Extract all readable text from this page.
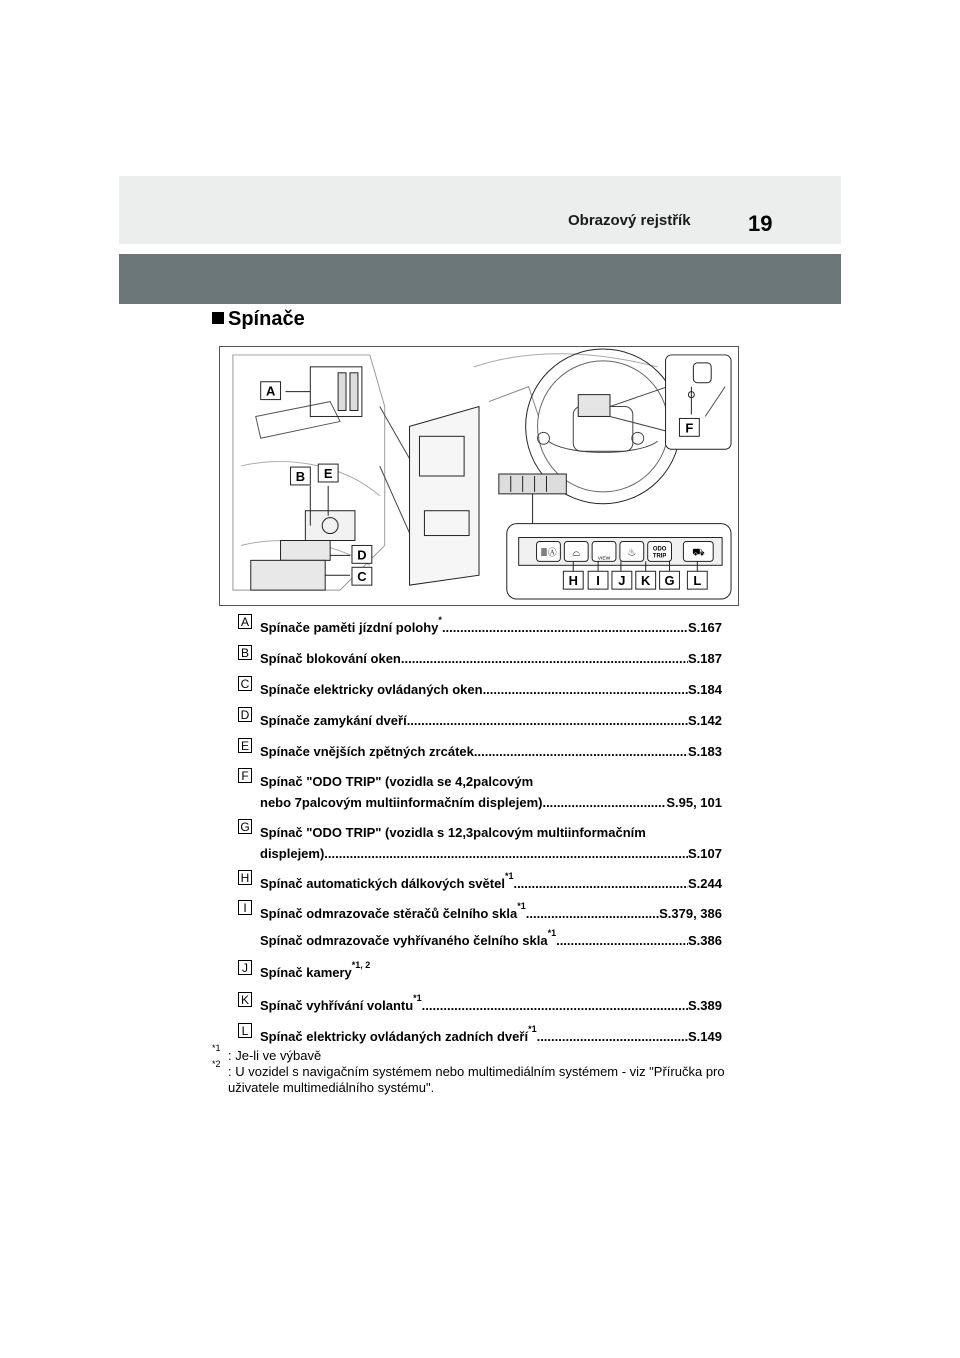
Obrazový rejstřík	19
Spínače
A
B E
D
C
F
≣Ⓐ ⌓
VIEW
♨	ODO
TRIP	⛟
H I J K G L
A Spínače paměti jízdní polohy * .....	S.167
B Spínač blokování oken .....	S.187
C Spínače elektricky ovládaných oken .....	S.184
D Spínače zamykání dveří .....	S.142
E Spínače vnějších zpětných zrcátek .....	S.183
F Spínač "ODO TRIP" (vozidla se 4,2palcovým
nebo 7palcovým multiinformačním displejem) .....	S.95, 101
G Spínač "ODO TRIP" (vozidla s 12,3palcovým multiinformačním
displejem) .....	S.107
H Spínač automatických dálkových světel *1 .....	S.244
I	Spínač odmrazovače stěračů čelního skla *1 .....	S.379, 386
Spínač odmrazovače vyhřívaného čelního skla *1 .....	S.386
J Spínač kamery *1, 2
K Spínač vyhřívání volantu *1 .....	S.389
L Spínač elektricky ovládaných zadních dveří *1 .....	S.149
*1 : Je-li ve výbavě
*2 : U vozidel s navigačním systémem nebo multimediálním systémem - viz "Příručka pro uživatele multimediálního systému".
